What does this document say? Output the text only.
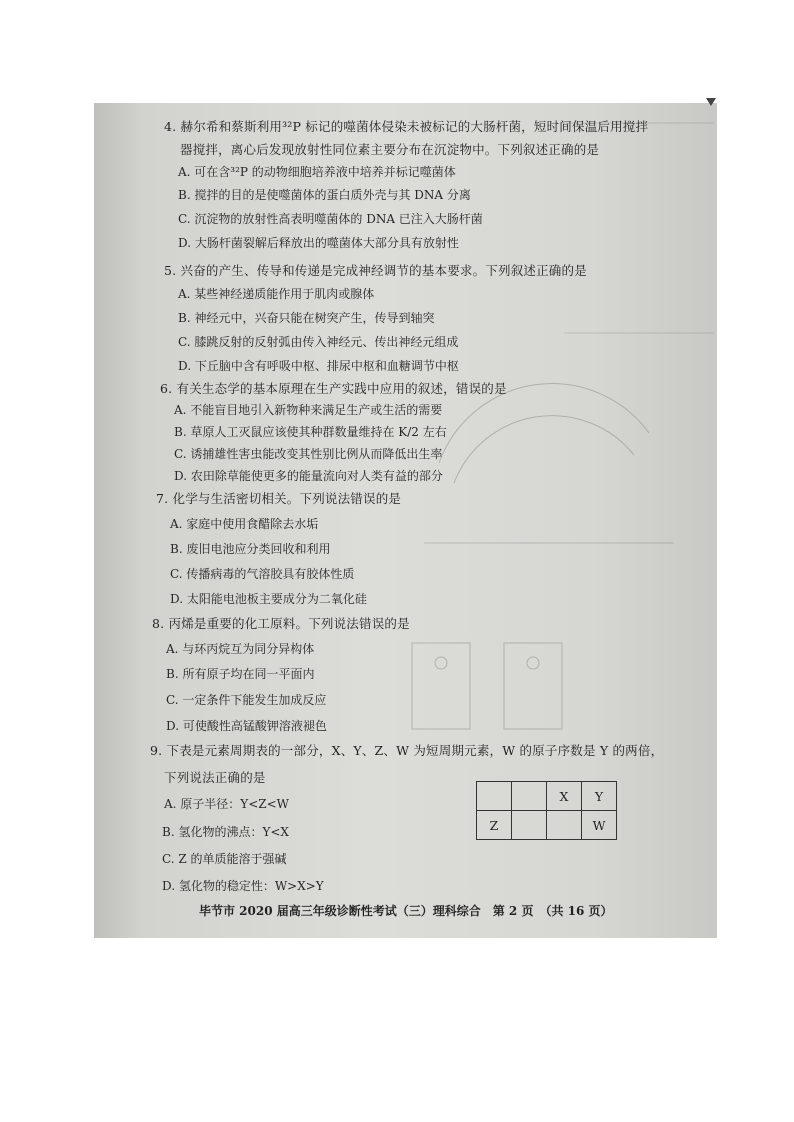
4. 赫尔希和蔡斯利用³²P 标记的噬菌体侵染未被标记的大肠杆菌，短时间保温后用搅拌

器搅拌，离心后发现放射性同位素主要分布在沉淀物中。下列叙述正确的是

A. 可在含³²P 的动物细胞培养液中培养并标记噬菌体

B. 搅拌的目的是使噬菌体的蛋白质外壳与其 DNA 分离

C. 沉淀物的放射性高表明噬菌体的 DNA 已注入大肠杆菌

D. 大肠杆菌裂解后释放出的噬菌体大部分具有放射性

5. 兴奋的产生、传导和传递是完成神经调节的基本要求。下列叙述正确的是

A. 某些神经递质能作用于肌肉或腺体

B. 神经元中，兴奋只能在树突产生，传导到轴突

C. 膝跳反射的反射弧由传入神经元、传出神经元组成

D. 下丘脑中含有呼吸中枢、排尿中枢和血糖调节中枢

6. 有关生态学的基本原理在生产实践中应用的叙述，错误的是

A. 不能盲目地引入新物种来满足生产或生活的需要

B. 草原人工灭鼠应该使其种群数量维持在 K/2 左右

C. 诱捕雄性害虫能改变其性别比例从而降低出生率

D. 农田除草能使更多的能量流向对人类有益的部分

7. 化学与生活密切相关。下列说法错误的是

A. 家庭中使用食醋除去水垢

B. 废旧电池应分类回收和利用

C. 传播病毒的气溶胶具有胶体性质

D. 太阳能电池板主要成分为二氧化硅

8. 丙烯是重要的化工原料。下列说法错误的是

A. 与环丙烷互为同分异构体

B. 所有原子均在同一平面内

C. 一定条件下能发生加成反应

D. 可使酸性高锰酸钾溶液褪色

9. 下表是元素周期表的一部分，X、Y、Z、W 为短周期元素，W 的原子序数是 Y 的两倍，

下列说法正确的是

A. 原子半径：Y<Z<W

B. 氢化物的沸点：Y<X

C. Z 的单质能溶于强碱

D. 氢化物的稳定性：W>X>Y

		X	Y
Z			W

毕节市 2020 届高三年级诊断性考试（三）理科综合　第 2 页　（共 16 页）
